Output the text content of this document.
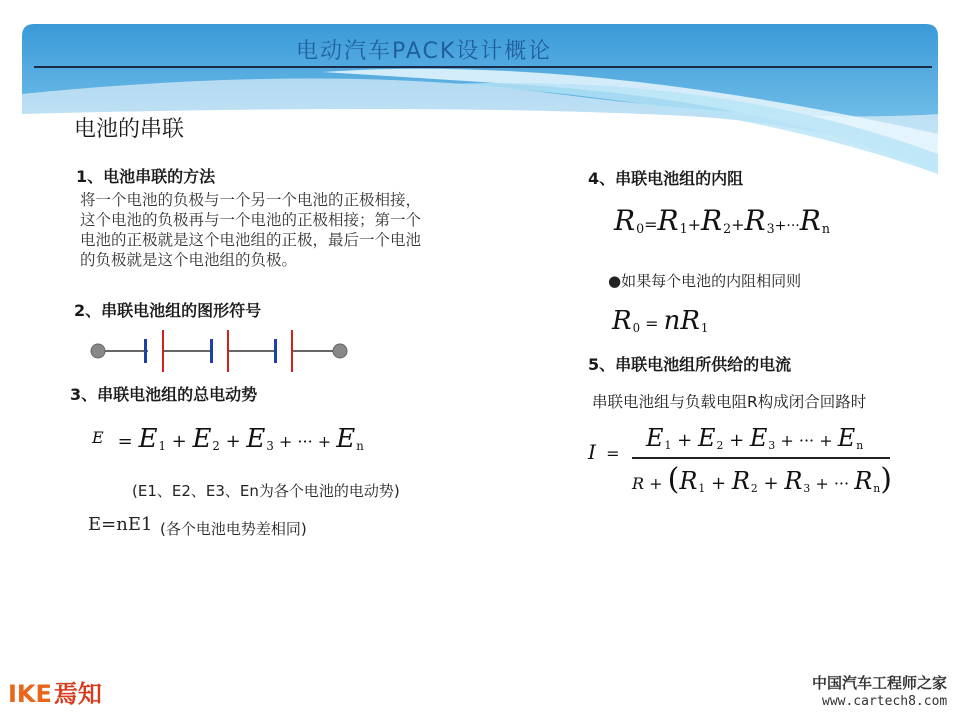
电动汽车PACK设计概论
电池的串联
1、电池串联的方法
将一个电池的负极与一个另一个电池的正极相接，
这个电池的负极再与一个电池的正极相接；第一个
电池的正极就是这个电池组的正极，最后一个电池
的负极就是这个电池组的负极。
2、串联电池组的图形符号
3、串联电池组的总电动势
$E = E_1 + E_2 + E_3$ + ··· + $E_n$
(E1、E2、E3、En为各个电池的电动势)
E=nE1 (各个电池电势差相同)
4、串联电池组的内阻
$R_0=R_1+R_2+R_3+\cdot\cdot\cdot R_n$
●如果每个电池的内阻相同则
$R_0 = nR_1$
5、串联电池组所供给的电流
串联电池组与负载电阻R构成闭合回路时
I  =
$E_1 + E_2 + E_3$ + ··· + $E_n$
$R + (R_1 + R_2 + R_3$ + ··· $R_n$)
IKE焉知	中国汽车工程师之家
www.cartech8.com
